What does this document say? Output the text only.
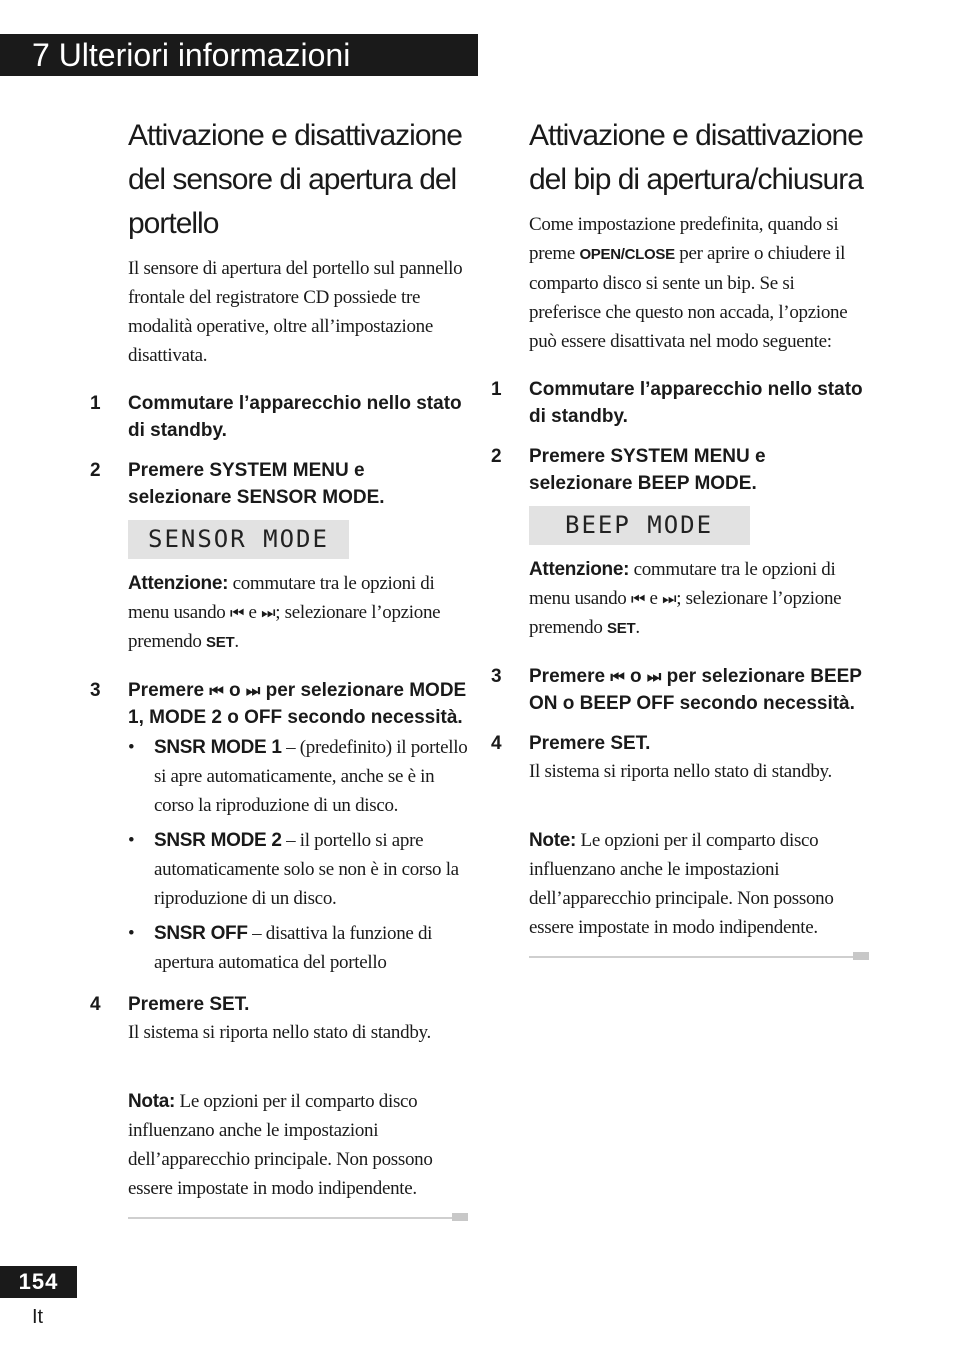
7 Ulteriori informazioni
Attivazione e disattivazione del sensore di apertura del portello

Il sensore di apertura del portello sul pannello frontale del registratore CD possiede tre modalità operative, oltre all’impostazione disattivata.

1 Commutare l’apparecchio nello stato di standby.

2 Premere SYSTEM MENU e selezionare SENSOR MODE.

SENSOR MODE

Attenzione: commutare tra le opzioni di menu usando ⏮ e ⏭; selezionare l’opzione premendo SET.

3 Premere ⏮ o ⏭ per selezionare MODE 1, MODE 2 o OFF secondo necessità.

• SNSR MODE 1 – (predefinito) il portello si apre automaticamente, anche se è in corso la riproduzione di un disco.
• SNSR MODE 2 – il portello si apre automaticamente solo se non è in corso la riproduzione di un disco.
• SNSR OFF – disattiva la funzione di apertura automatica del portello
4 Premere SET.

Il sistema si riporta nello stato di standby.

Nota: Le opzioni per il comparto disco influenzano anche le impostazioni dell’apparecchio principale. Non possono essere impostate in modo indipendente.

Attivazione e disattivazione del bip di apertura/chiusura

Come impostazione predefinita, quando si preme OPEN/CLOSE per aprire o chiudere il comparto disco si sente un bip. Se si preferisce che questo non accada, l’opzione può essere disattivata nel modo seguente:

1 Commutare l’apparecchio nello stato di standby.

2 Premere SYSTEM MENU e selezionare BEEP MODE.

BEEP MODE

Attenzione: commutare tra le opzioni di menu usando ⏮ e ⏭; selezionare l’opzione premendo SET.

3 Premere ⏮ o ⏭ per selezionare BEEP ON o BEEP OFF secondo necessità.

4 Premere SET.

Il sistema si riporta nello stato di standby.

Note: Le opzioni per il comparto disco influenzano anche le impostazioni dell’apparecchio principale. Non possono essere impostate in modo indipendente.

154
It
